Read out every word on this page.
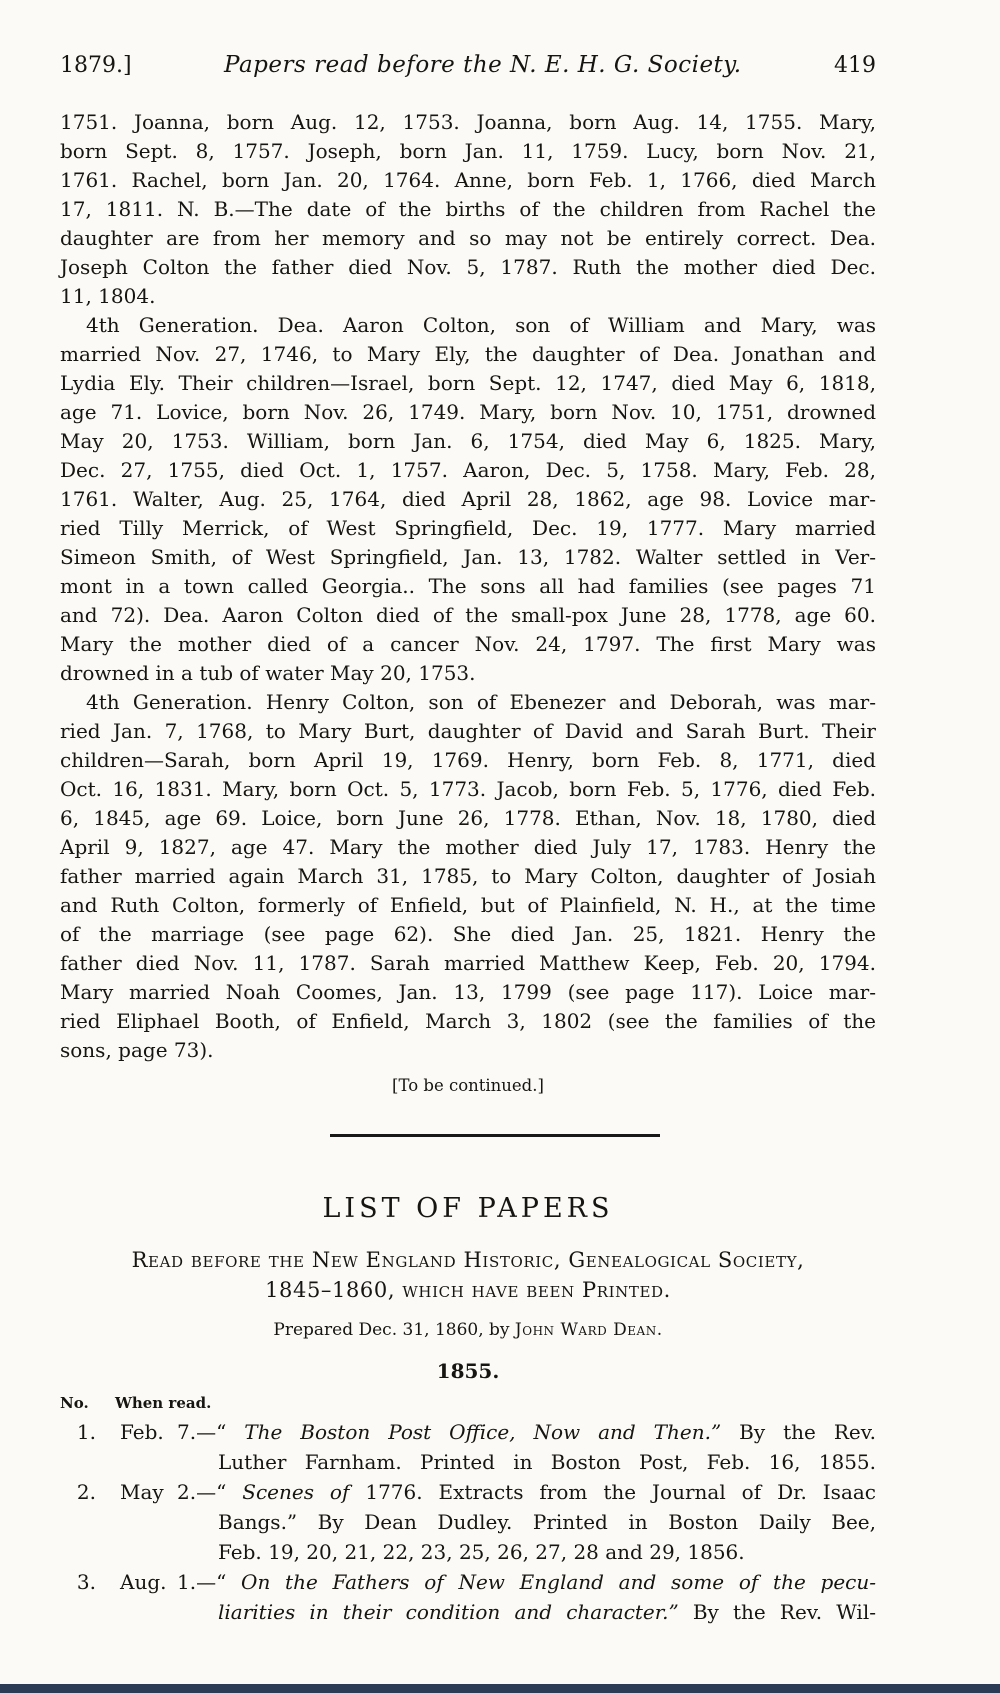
1879.]	Papers read before the N. E. H. G. Society.	419
1751. Joanna, born Aug. 12, 1753. Joanna, born Aug. 14, 1755. Mary,
born Sept. 8, 1757. Joseph, born Jan. 11, 1759. Lucy, born Nov. 21,
1761. Rachel, born Jan. 20, 1764. Anne, born Feb. 1, 1766, died March
17, 1811. N. B.—The date of the births of the children from Rachel the
daughter are from her memory and so may not be entirely correct. Dea.
Joseph Colton the father died Nov. 5, 1787. Ruth the mother died Dec.
11, 1804.
4th Generation. Dea. Aaron Colton, son of William and Mary, was
married Nov. 27, 1746, to Mary Ely, the daughter of Dea. Jonathan and
Lydia Ely. Their children—Israel, born Sept. 12, 1747, died May 6, 1818,
age 71. Lovice, born Nov. 26, 1749. Mary, born Nov. 10, 1751, drowned
May 20, 1753. William, born Jan. 6, 1754, died May 6, 1825. Mary,
Dec. 27, 1755, died Oct. 1, 1757. Aaron, Dec. 5, 1758. Mary, Feb. 28,
1761. Walter, Aug. 25, 1764, died April 28, 1862, age 98. Lovice mar-
ried Tilly Merrick, of West Springfield, Dec. 19, 1777. Mary married
Simeon Smith, of West Springfield, Jan. 13, 1782. Walter settled in Ver-
mont in a town called Georgia.. The sons all had families (see pages 71
and 72). Dea. Aaron Colton died of the small-pox June 28, 1778, age 60.
Mary the mother died of a cancer Nov. 24, 1797. The first Mary was
drowned in a tub of water May 20, 1753.
4th Generation. Henry Colton, son of Ebenezer and Deborah, was mar-
ried Jan. 7, 1768, to Mary Burt, daughter of David and Sarah Burt. Their
children—Sarah, born April 19, 1769. Henry, born Feb. 8, 1771, died
Oct. 16, 1831. Mary, born Oct. 5, 1773. Jacob, born Feb. 5, 1776, died Feb.
6, 1845, age 69. Loice, born June 26, 1778. Ethan, Nov. 18, 1780, died
April 9, 1827, age 47. Mary the mother died July 17, 1783. Henry the
father married again March 31, 1785, to Mary Colton, daughter of Josiah
and Ruth Colton, formerly of Enfield, but of Plainfield, N. H., at the time
of the marriage (see page 62). She died Jan. 25, 1821. Henry the
father died Nov. 11, 1787. Sarah married Matthew Keep, Feb. 20, 1794.
Mary married Noah Coomes, Jan. 13, 1799 (see page 117). Loice mar-
ried Eliphael Booth, of Enfield, March 3, 1802 (see the families of the
sons, page 73).
[To be continued.]
LIST OF PAPERS
Read before the New England Historic, Genealogical Society,
1845–1860, which have been Printed.
Prepared Dec. 31, 1860, by John Ward Dean.
1855.
No. When read.
1. Feb. 7.—“ The Boston Post Office, Now and Then.” By the Rev.
Luther Farnham. Printed in Boston Post, Feb. 16, 1855.
2. May 2.—“ Scenes of 1776. Extracts from the Journal of Dr. Isaac
Bangs.” By Dean Dudley. Printed in Boston Daily Bee,
Feb. 19, 20, 21, 22, 23, 25, 26, 27, 28 and 29, 1856.
3. Aug. 1.—“ On the Fathers of New England and some of the pecu-
liarities in their condition and character.” By the Rev. Wil-
